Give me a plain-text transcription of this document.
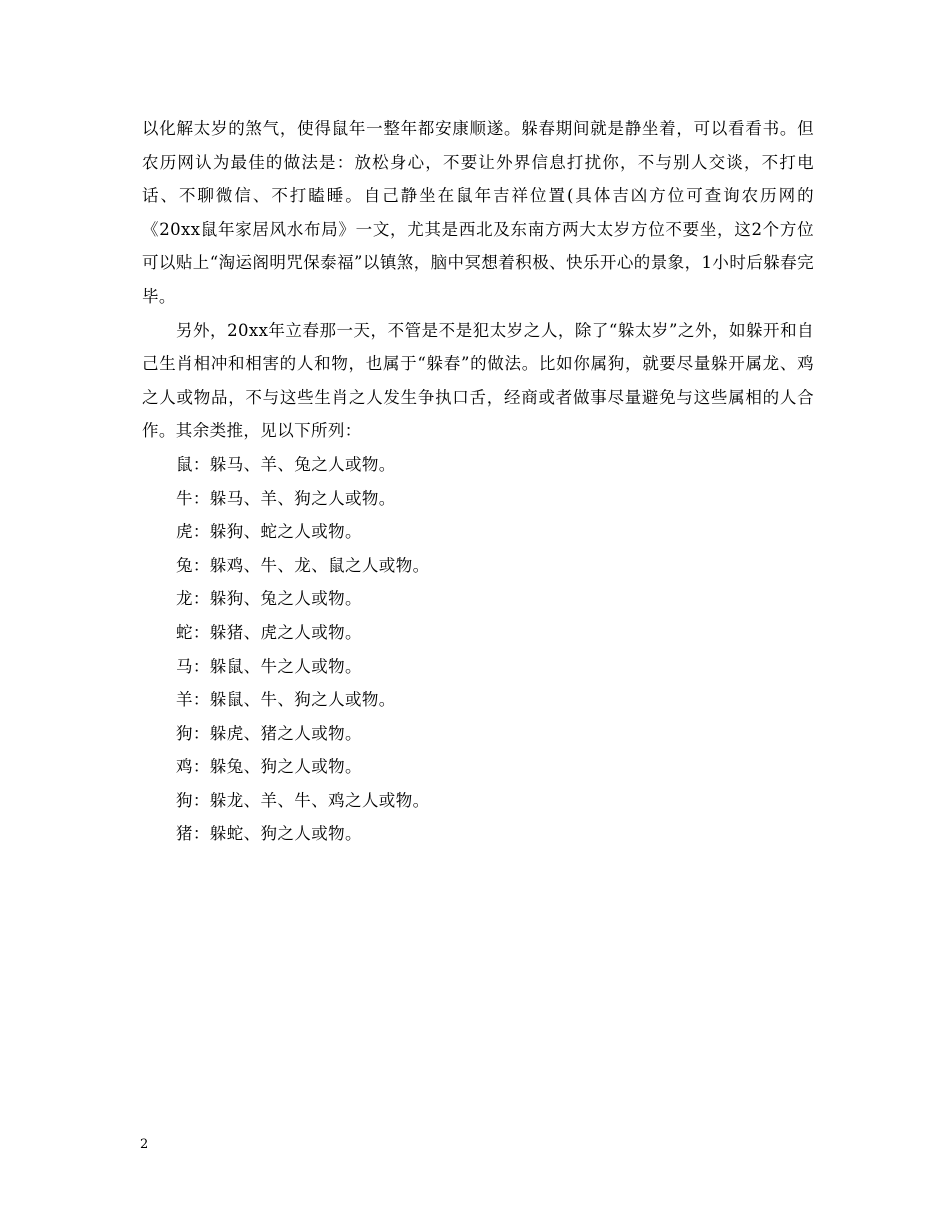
以化解太岁的煞气，使得鼠年一整年都安康顺遂。躲春期间就是静坐着，可以看看书。但农历网认为最佳的做法是：放松身心，不要让外界信息打扰你，不与别人交谈，不打电话、不聊微信、不打瞌睡。自己静坐在鼠年吉祥位置(具体吉凶方位可查询农历网的《20xx鼠年家居风水布局》一文，尤其是西北及东南方两大太岁方位不要坐，这2个方位可以贴上“淘运阁明咒保泰福”以镇煞，脑中冥想着积极、快乐开心的景象，1小时后躲春完毕。

另外，20xx年立春那一天，不管是不是犯太岁之人，除了“躲太岁”之外，如躲开和自己生肖相冲和相害的人和物，也属于“躲春”的做法。比如你属狗，就要尽量躲开属龙、鸡之人或物品，不与这些生肖之人发生争执口舌，经商或者做事尽量避免与这些属相的人合作。其余类推，见以下所列：

鼠：躲马、羊、兔之人或物。
牛：躲马、羊、狗之人或物。
虎：躲狗、蛇之人或物。
兔：躲鸡、牛、龙、鼠之人或物。
龙：躲狗、兔之人或物。
蛇：躲猪、虎之人或物。
马：躲鼠、牛之人或物。
羊：躲鼠、牛、狗之人或物。
狗：躲虎、猪之人或物。
鸡：躲兔、狗之人或物。
狗：躲龙、羊、牛、鸡之人或物。
猪：躲蛇、狗之人或物。
2
